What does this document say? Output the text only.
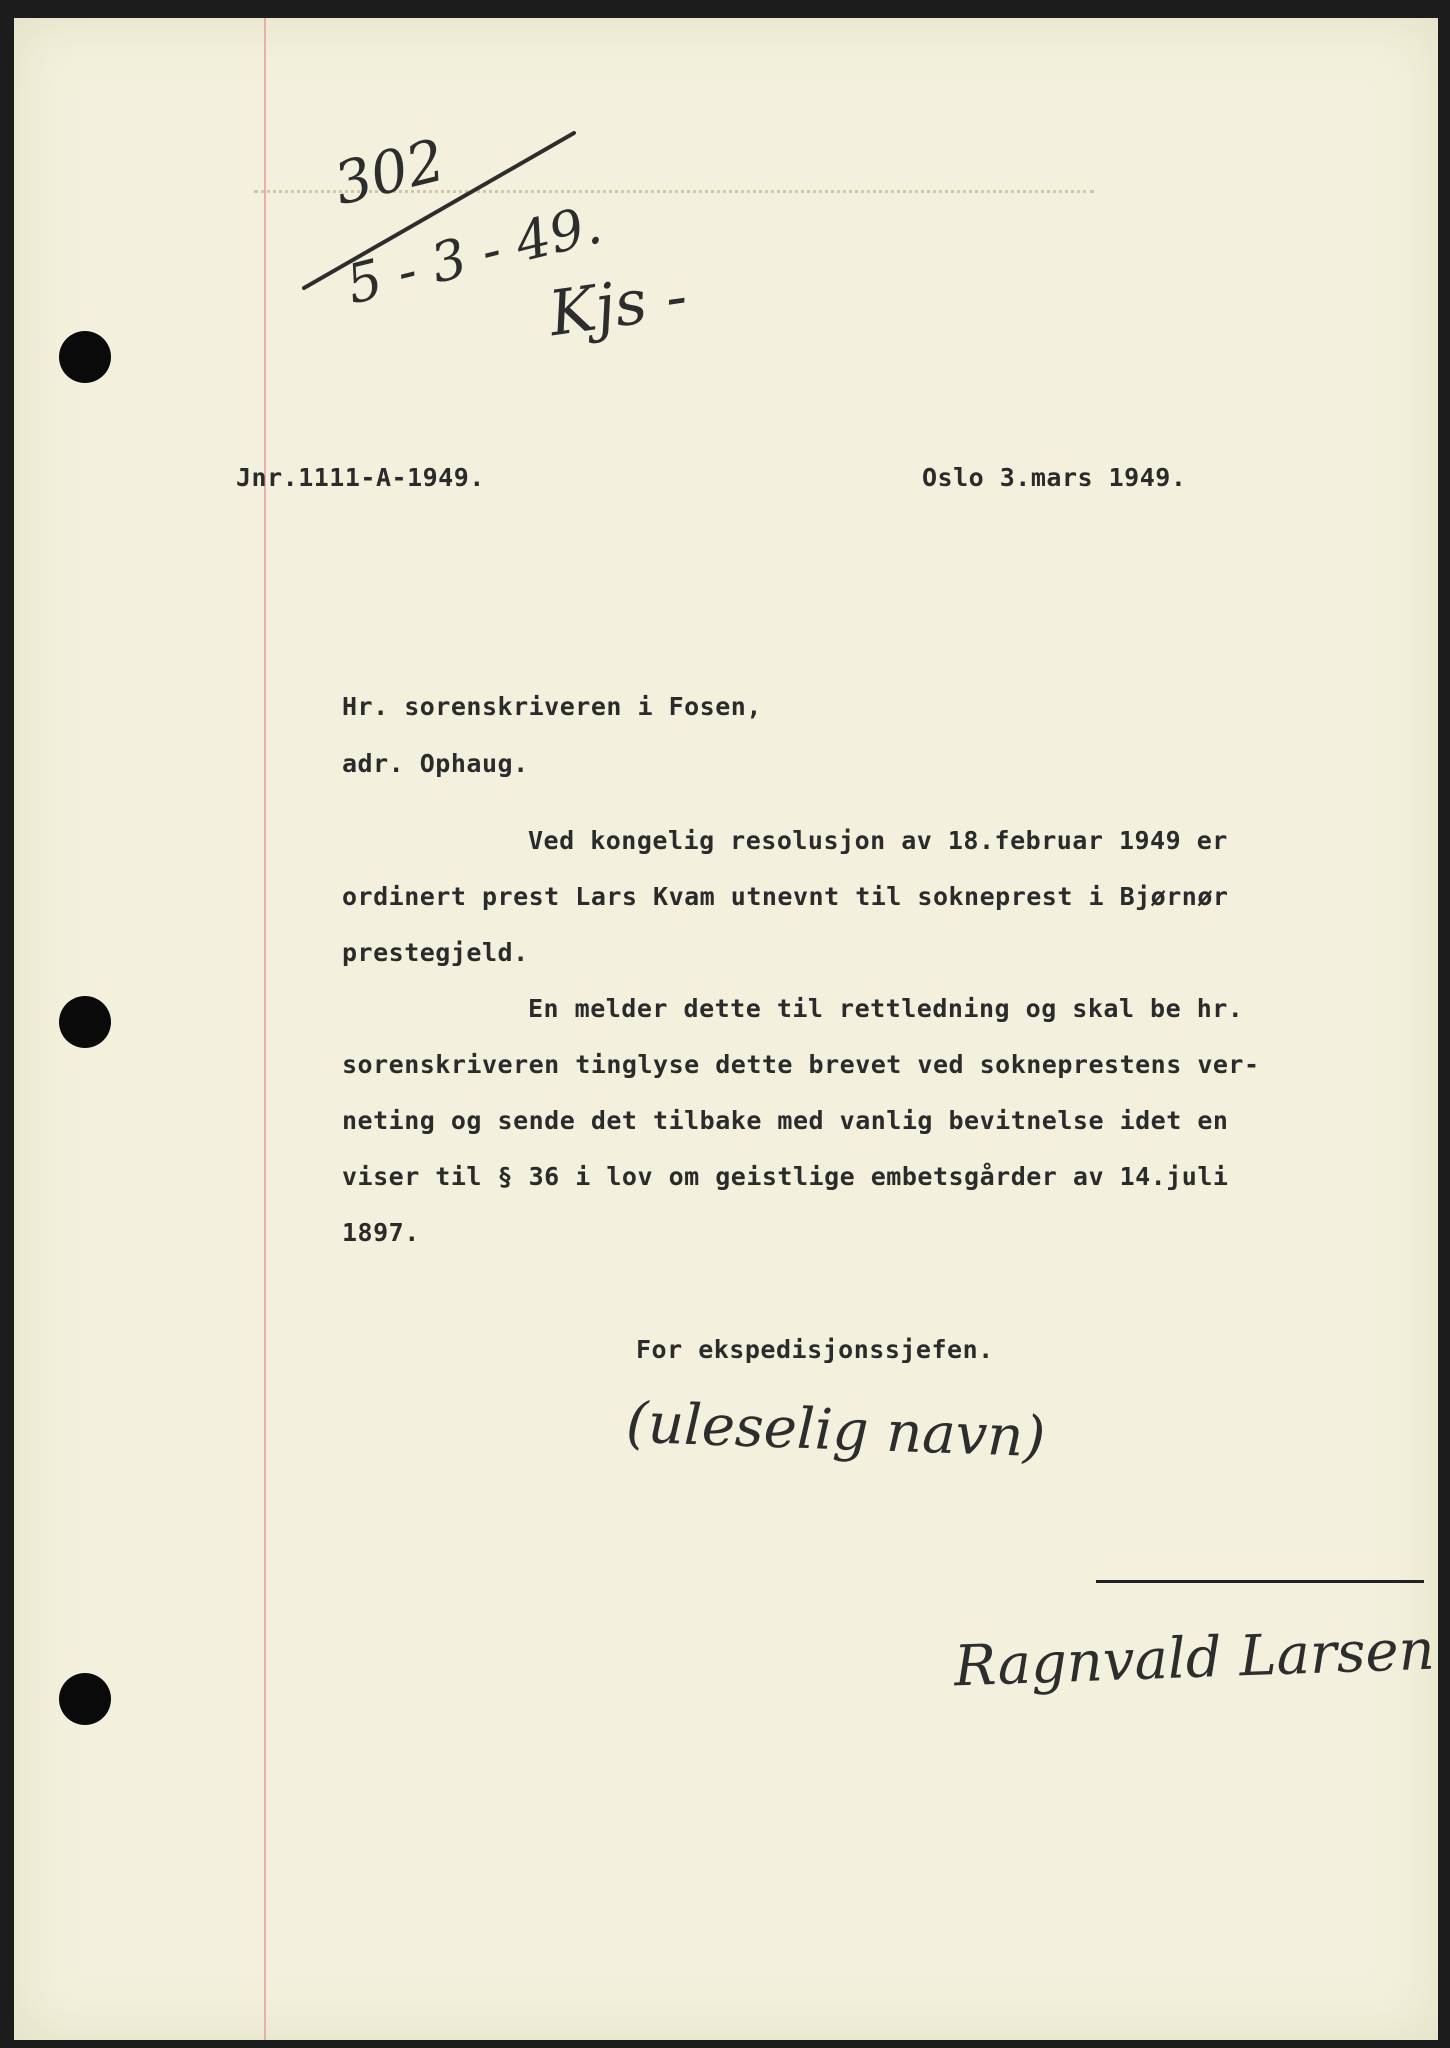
302
5 - 3 - 49.
Kjs -
Jnr.1111-A-1949.	Oslo 3.mars 1949.
Hr. sorenskriveren i Fosen,
adr. Ophaug.
Ved kongelig resolusjon av 18.februar 1949 er
ordinert prest Lars Kvam utnevnt til sokneprest i Bjørnør
prestegjeld.
En melder dette til rettledning og skal be hr.
sorenskriveren tinglyse dette brevet ved sokneprestens ver-
neting og sende det tilbake med vanlig bevitnelse idet en
viser til § 36 i lov om geistlige embetsgårder av 14.juli
1897.
For ekspedisjonssjefen.
(uleselig navn)
Ragnvald Larsen
